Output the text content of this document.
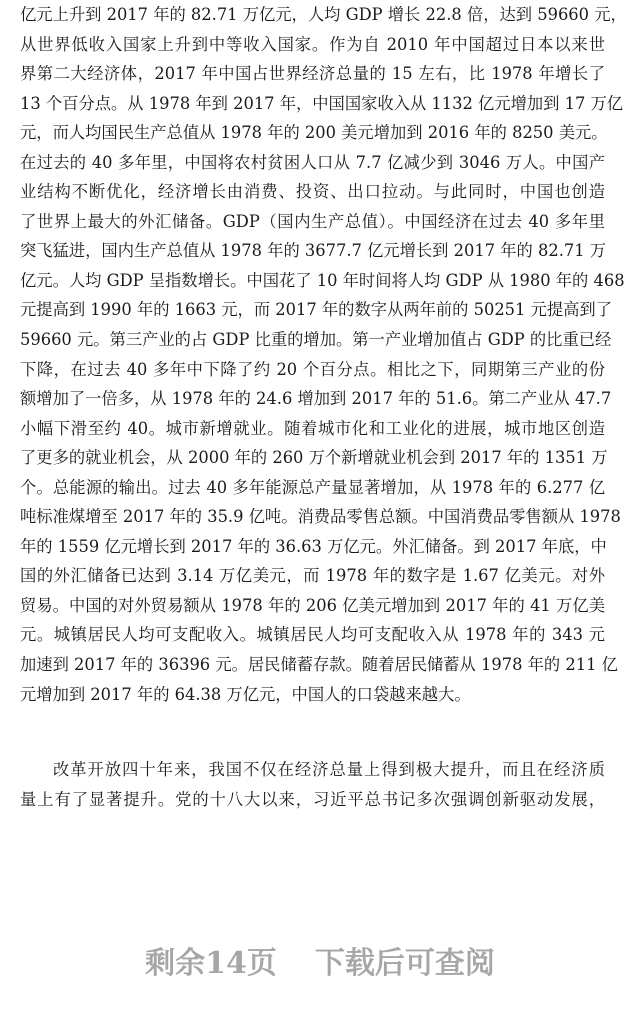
亿元上升到 2017 年的 82.71 万亿元，人均 GDP 增长 22.8 倍，达到 59660 元，
从世界低收入国家上升到中等收入国家。作为自 2010 年中国超过日本以来世
界第二大经济体，2017 年中国占世界经济总量的 15 左右，比 1978 年增长了
13 个百分点。从 1978 年到 2017 年，中国国家收入从 1132 亿元增加到 17 万亿
元，而人均国民生产总值从 1978 年的 200 美元增加到 2016 年的 8250 美元。
在过去的 40 多年里，中国将农村贫困人口从 7.7 亿减少到 3046 万人。中国产
业结构不断优化，经济增长由消费、投资、出口拉动。与此同时，中国也创造
了世界上最大的外汇储备。GDP（国内生产总值）。中国经济在过去 40 多年里
突飞猛进，国内生产总值从 1978 年的 3677.7 亿元增长到 2017 年的 82.71 万
亿元。人均 GDP 呈指数增长。中国花了 10 年时间将人均 GDP 从 1980 年的 468
元提高到 1990 年的 1663 元，而 2017 年的数字从两年前的 50251 元提高到了
59660 元。第三产业的占 GDP 比重的增加。第一产业增加值占 GDP 的比重已经
下降，在过去 40 多年中下降了约 20 个百分点。相比之下，同期第三产业的份
额增加了一倍多，从 1978 年的 24.6 增加到 2017 年的 51.6。第二产业从 47.7
小幅下滑至约 40。城市新增就业。随着城市化和工业化的进展，城市地区创造
了更多的就业机会，从 2000 年的 260 万个新增就业机会到 2017 年的 1351 万
个。总能源的输出。过去 40 多年能源总产量显著增加，从 1978 年的 6.277 亿
吨标准煤增至 2017 年的 35.9 亿吨。消费品零售总额。中国消费品零售额从 1978
年的 1559 亿元增长到 2017 年的 36.63 万亿元。外汇储备。到 2017 年底，中
国的外汇储备已达到 3.14 万亿美元，而 1978 年的数字是 1.67 亿美元。对外
贸易。中国的对外贸易额从 1978 年的 206 亿美元增加到 2017 年的 41 万亿美
元。城镇居民人均可支配收入。城镇居民人均可支配收入从 1978 年的 343 元
加速到 2017 年的 36396 元。居民储蓄存款。随着居民储蓄从 1978 年的 211 亿
元增加到 2017 年的 64.38 万亿元，中国人的口袋越来越大。
改革开放四十年来，我国不仅在经济总量上得到极大提升，而且在经济质
量上有了显著提升。党的十八大以来，习近平总书记多次强调创新驱动发展，
剩余14页 下载后可查阅
